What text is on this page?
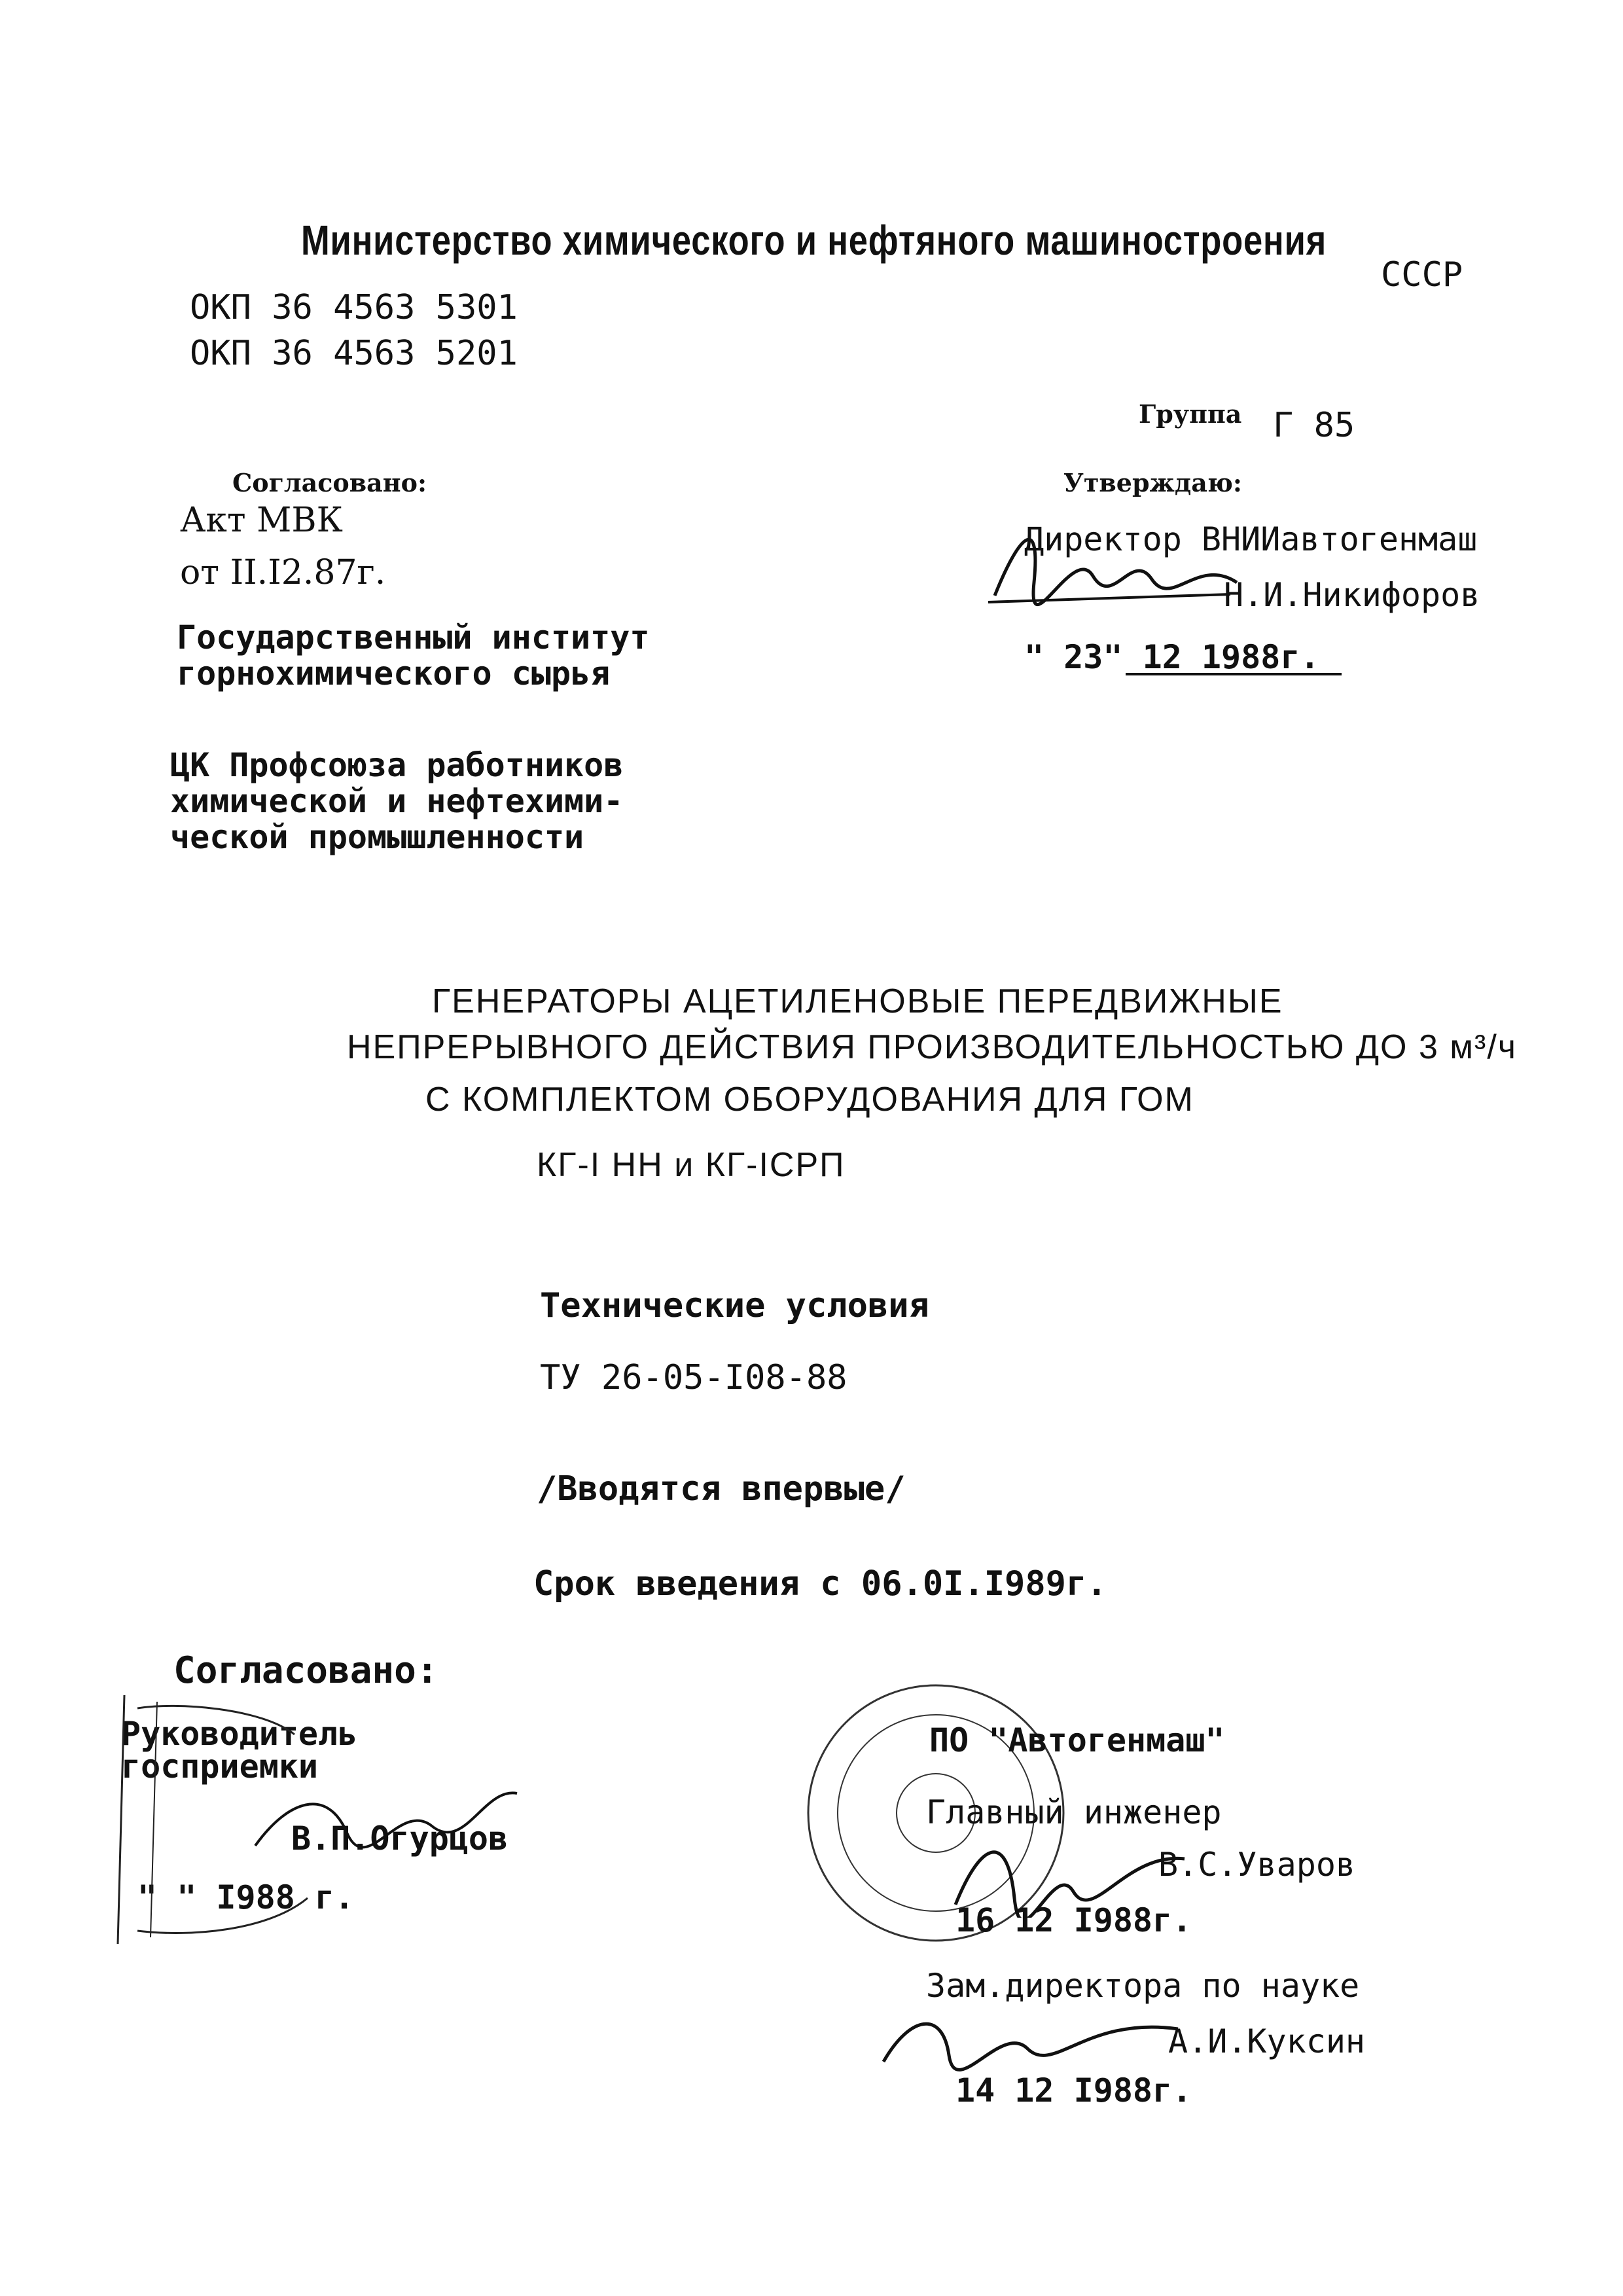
Министерство химического и нефтяного машиностроения
СССР
ОКП 36 4563 5301
ОКП 36 4563 5201
Группа Г 85
Согласовано:
Акт МВК
от II.I2.87г.
Государственный институт
горнохимического сырья
ЦК Профсоюза работников
химической и нефтехими-
ческой промышленности
Утверждаю:
Директор ВНИИавтогенмаш
Н.И.Никифоров
" 23" 12 1988г.
ГЕНЕРАТОРЫ АЦЕТИЛЕНОВЫЕ ПЕРЕДВИЖНЫЕ
НЕПРЕРЫВНОГО ДЕЙСТВИЯ ПРОИЗВОДИТЕЛЬНОСТЬЮ ДО 3 м³/ч
С КОМПЛЕКТОМ ОБОРУДОВАНИЯ ДЛЯ ГОМ
КГ-I НН и КГ-IСРП
Технические условия
ТУ 26-05-I08-88
/Вводятся впервые/
Срок введения с 06.0I.I989г.
Согласовано:
Руководитель
госприемки
В.П.Огурцов
" " I988 г.
ПО "Автогенмаш"
Главный инженер
В.С.Уваров
16 12 I988г.
Зам.директора по науке
А.И.Куксин
14 12 I988г.
